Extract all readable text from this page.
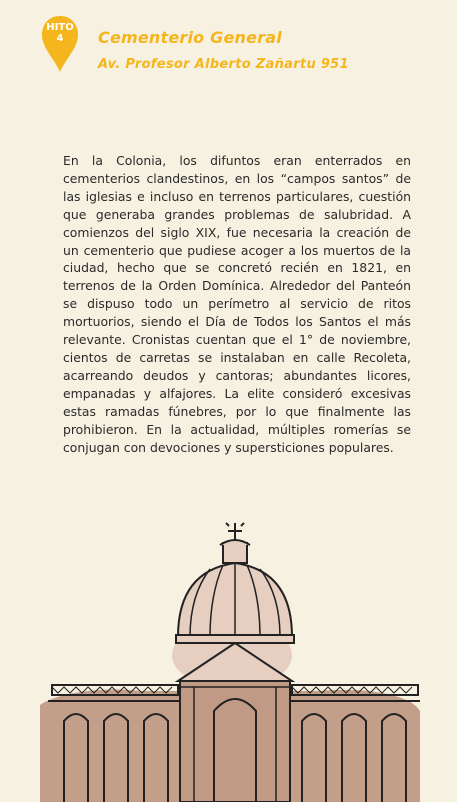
HITO
4	Cementerio General
Av. Profesor Alberto Zañartu 951
En la Colonia, los difuntos eran enterrados en cementerios clandestinos, en los “campos santos” de las iglesias e incluso en terrenos particulares, cuestión que generaba grandes problemas de salubridad. A comienzos del siglo XIX, fue necesaria la creación de un cementerio que pudiese acoger a los muertos de la ciudad, hecho que se concretó recién en 1821, en terrenos de la Orden Domínica. Alrededor del Panteón se dispuso todo un perímetro al servicio de ritos mortuorios, siendo el Día de Todos los Santos el más relevante. Cronistas cuentan que el 1° de noviembre, cientos de carretas se instalaban en calle Recoleta, acarreando deudos y cantoras; abundantes licores, empanadas y alfajores. La elite consideró excesivas estas ramadas fúnebres, por lo que finalmente las prohibieron. En la actualidad, múltiples romerías se conjugan con devociones y supersticiones populares.
